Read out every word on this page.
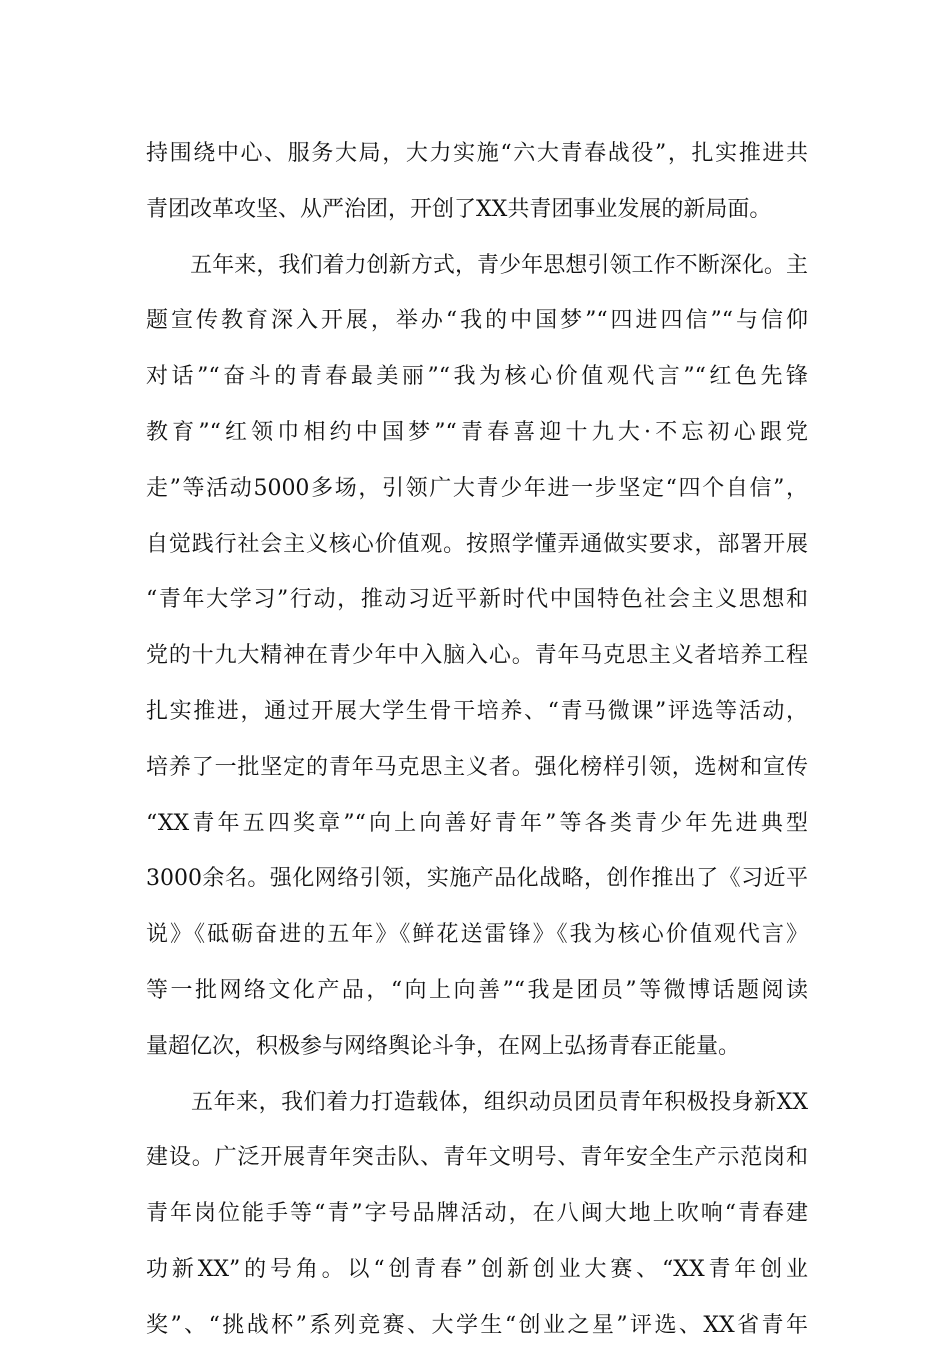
持围绕中心、服务大局，大力实施“六大青春战役”，扎实推进共
青团改革攻坚、从严治团，开创了XX共青团事业发展的新局面。
　　五年来，我们着力创新方式，青少年思想引领工作不断深化。主
题宣传教育深入开展，举办“我的中国梦”“四进四信”“与信仰
对话”“奋斗的青春最美丽”“我为核心价值观代言”“红色先锋
教育”“红领巾相约中国梦”“青春喜迎十九大·不忘初心跟党
走”等活动5000多场，引领广大青少年进一步坚定“四个自信”，
自觉践行社会主义核心价值观。按照学懂弄通做实要求，部署开展
“青年大学习”行动，推动习近平新时代中国特色社会主义思想和
党的十九大精神在青少年中入脑入心。青年马克思主义者培养工程
扎实推进，通过开展大学生骨干培养、“青马微课”评选等活动，
培养了一批坚定的青年马克思主义者。强化榜样引领，选树和宣传
“XX青年五四奖章”“向上向善好青年”等各类青少年先进典型
3000余名。强化网络引领，实施产品化战略，创作推出了《习近平
说》《砥砺奋进的五年》《鲜花送雷锋》《我为核心价值观代言》
等一批网络文化产品，“向上向善”“我是团员”等微博话题阅读
量超亿次，积极参与网络舆论斗争，在网上弘扬青春正能量。
　　五年来，我们着力打造载体，组织动员团员青年积极投身新XX
建设。广泛开展青年突击队、青年文明号、青年安全生产示范岗和
青年岗位能手等“青”字号品牌活动，在八闽大地上吹响“青春建
功新XX”的号角。以“创青春”创新创业大赛、“XX青年创业
奖”、“挑战杯”系列竞赛、大学生“创业之星”评选、XX省青年
